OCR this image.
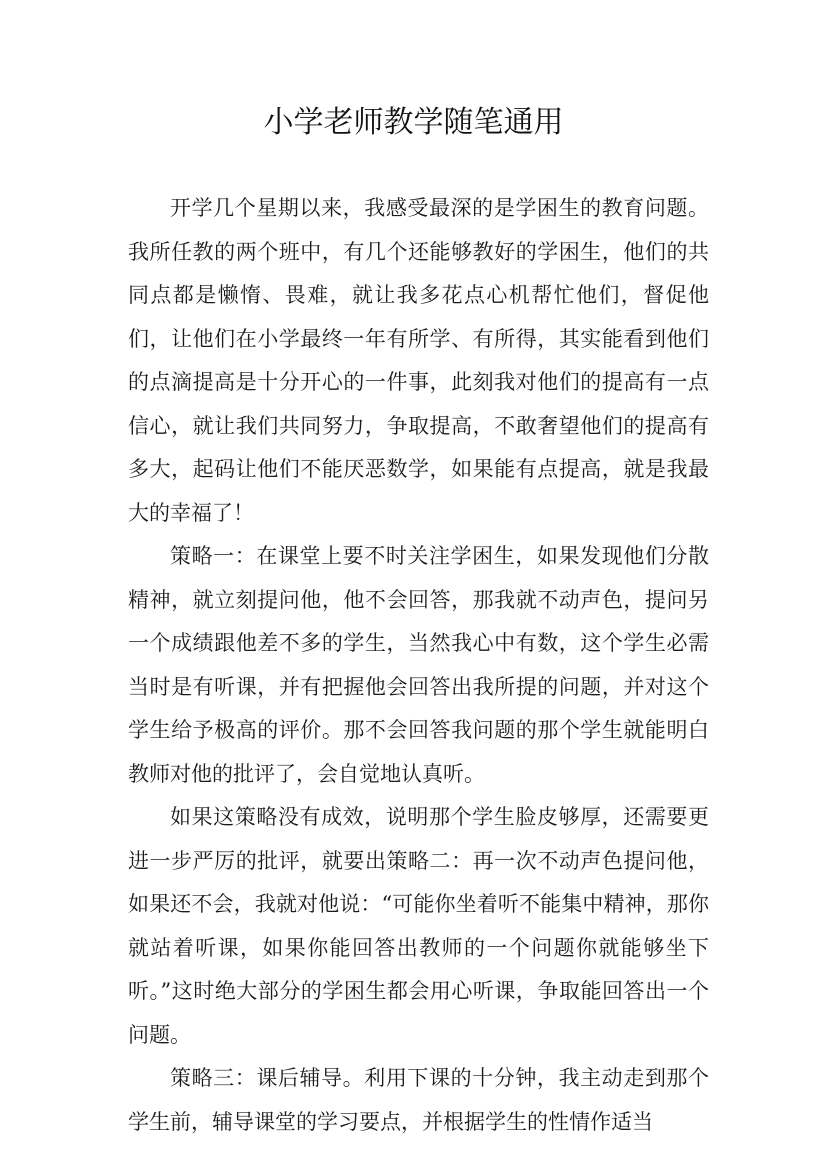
小学老师教学随笔通用

开学几个星期以来，我感受最深的是学困生的教育问题。我所任教的两个班中，有几个还能够教好的学困生，他们的共同点都是懒惰、畏难，就让我多花点心机帮忙他们，督促他们，让他们在小学最终一年有所学、有所得，其实能看到他们的点滴提高是十分开心的一件事，此刻我对他们的提高有一点信心，就让我们共同努力，争取提高，不敢奢望他们的提高有多大，起码让他们不能厌恶数学，如果能有点提高，就是我最大的幸福了！

策略一：在课堂上要不时关注学困生，如果发现他们分散精神，就立刻提问他，他不会回答，那我就不动声色，提问另一个成绩跟他差不多的学生，当然我心中有数，这个学生必需当时是有听课，并有把握他会回答出我所提的问题，并对这个学生给予极高的评价。那不会回答我问题的那个学生就能明白教师对他的批评了，会自觉地认真听。

如果这策略没有成效，说明那个学生脸皮够厚，还需要更进一步严厉的批评，就要出策略二：再一次不动声色提问他，如果还不会，我就对他说：“可能你坐着听不能集中精神，那你就站着听课，如果你能回答出教师的一个问题你就能够坐下听。”这时绝大部分的学困生都会用心听课，争取能回答出一个问题。

策略三：课后辅导。利用下课的十分钟，我主动走到那个学生前，辅导课堂的学习要点，并根据学生的性情作适当
